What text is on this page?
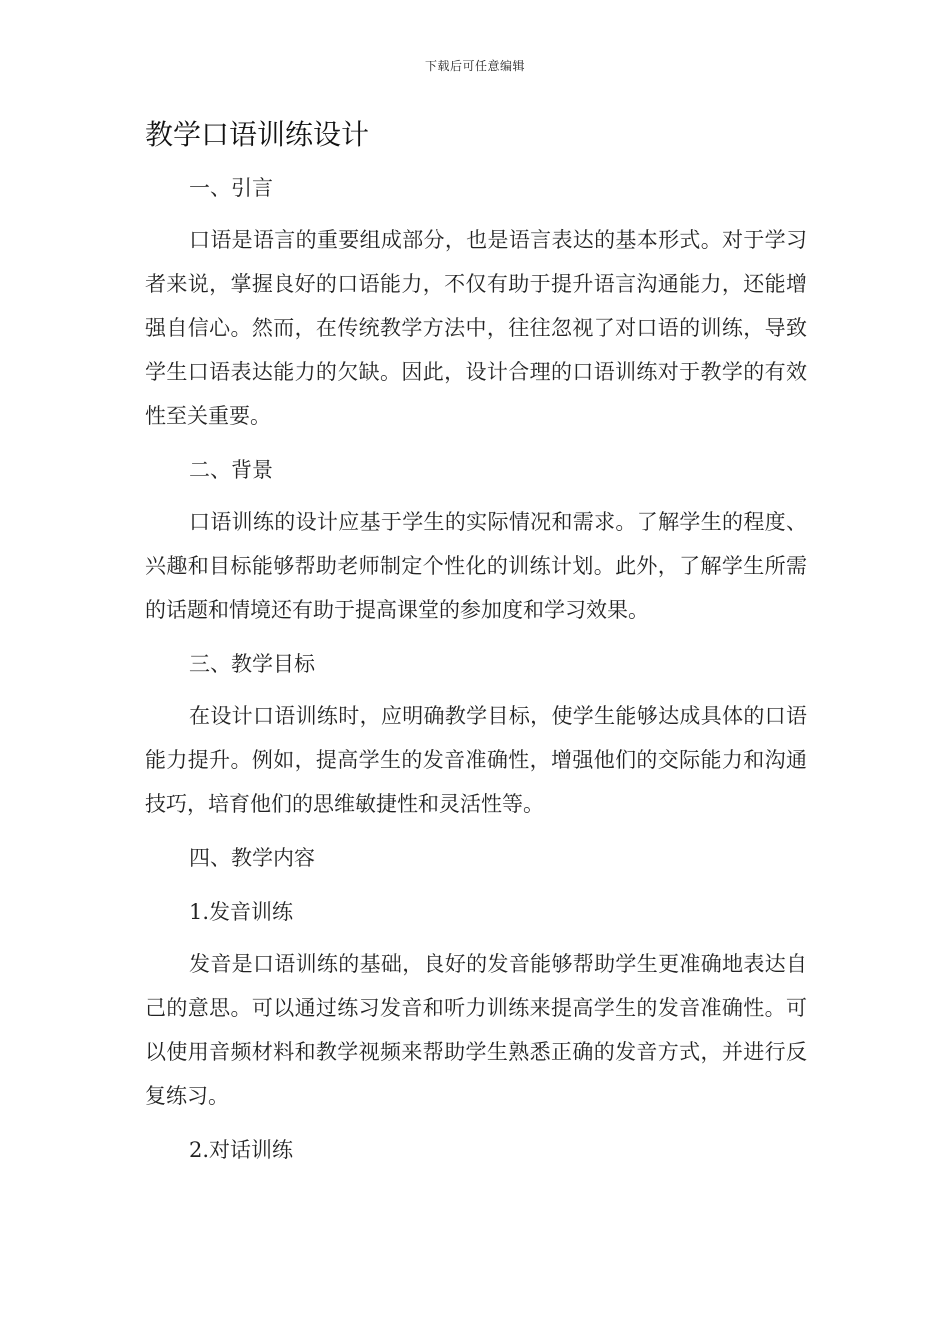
下载后可任意编辑
教学口语训练设计

一、引言

口语是语言的重要组成部分，也是语言表达的基本形式。对于学习者来说，掌握良好的口语能力，不仅有助于提升语言沟通能力，还能增强自信心。然而，在传统教学方法中，往往忽视了对口语的训练，导致学生口语表达能力的欠缺。因此，设计合理的口语训练对于教学的有效性至关重要。

二、背景

口语训练的设计应基于学生的实际情况和需求。了解学生的程度、兴趣和目标能够帮助老师制定个性化的训练计划。此外，了解学生所需的话题和情境还有助于提高课堂的参加度和学习效果。

三、教学目标

在设计口语训练时，应明确教学目标，使学生能够达成具体的口语能力提升。例如，提高学生的发音准确性，增强他们的交际能力和沟通技巧，培育他们的思维敏捷性和灵活性等。

四、教学内容

1.发音训练

发音是口语训练的基础，良好的发音能够帮助学生更准确地表达自己的意思。可以通过练习发音和听力训练来提高学生的发音准确性。可以使用音频材料和教学视频来帮助学生熟悉正确的发音方式，并进行反复练习。

2.对话训练
